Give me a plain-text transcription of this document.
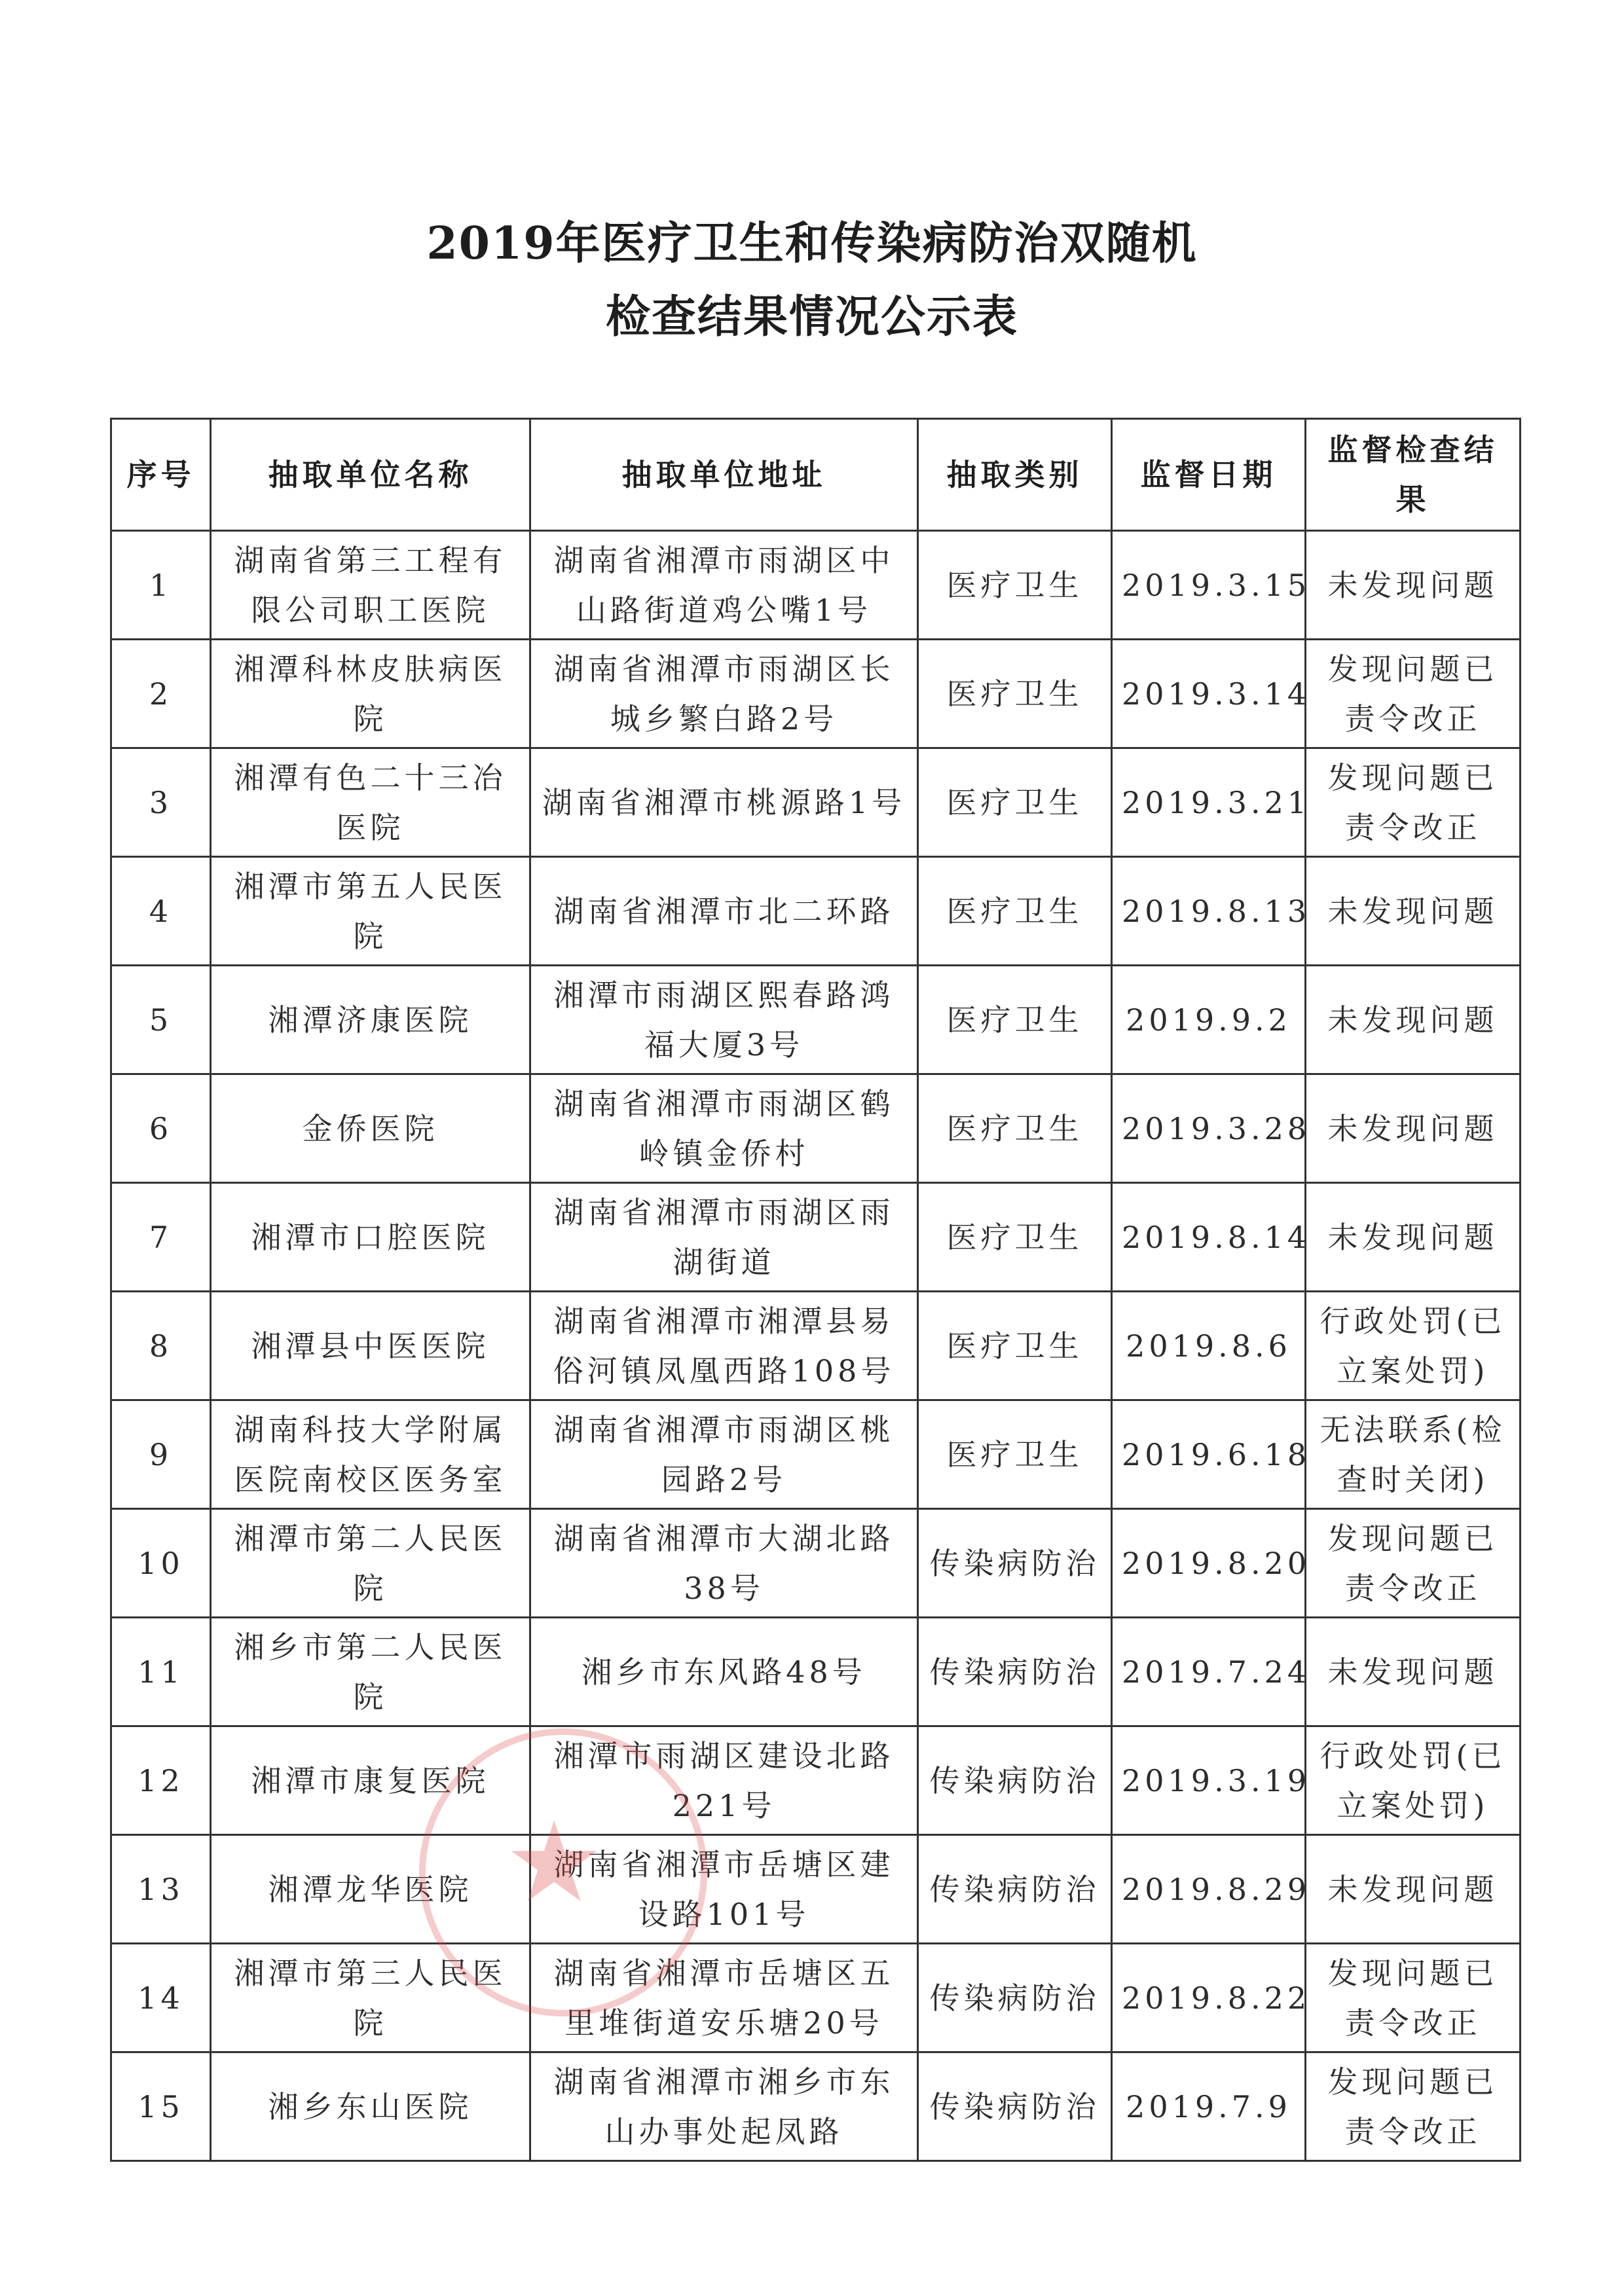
2019年医疗卫生和传染病防治双随机
检查结果情况公示表
序号	抽取单位名称	抽取单位地址	抽取类别	监督日期	监督检查结果
1	湖南省第三工程有限公司职工医院	湖南省湘潭市雨湖区中山路街道鸡公嘴1号	医疗卫生	2019.3.15	未发现问题
2	湘潭科林皮肤病医院	湖南省湘潭市雨湖区长城乡繁白路2号	医疗卫生	2019.3.14	发现问题已责令改正
3	湘潭有色二十三冶医院	湖南省湘潭市桃源路1号	医疗卫生	2019.3.21	发现问题已责令改正
4	湘潭市第五人民医院	湖南省湘潭市北二环路	医疗卫生	2019.8.13	未发现问题
5	湘潭济康医院	湘潭市雨湖区熙春路鸿福大厦3号	医疗卫生	2019.9.2	未发现问题
6	金侨医院	湖南省湘潭市雨湖区鹤岭镇金侨村	医疗卫生	2019.3.28	未发现问题
7	湘潭市口腔医院	湖南省湘潭市雨湖区雨湖街道	医疗卫生	2019.8.14	未发现问题
8	湘潭县中医医院	湖南省湘潭市湘潭县易俗河镇凤凰西路108号	医疗卫生	2019.8.6	行政处罚(已立案处罚)
9	湖南科技大学附属医院南校区医务室	湖南省湘潭市雨湖区桃园路2号	医疗卫生	2019.6.18	无法联系(检查时关闭)
10	湘潭市第二人民医院	湖南省湘潭市大湖北路38号	传染病防治	2019.8.20	发现问题已责令改正
11	湘乡市第二人民医院	湘乡市东风路48号	传染病防治	2019.7.24	未发现问题
12	湘潭市康复医院	湘潭市雨湖区建设北路221号	传染病防治	2019.3.19	行政处罚(已立案处罚)
13	湘潭龙华医院	湖南省湘潭市岳塘区建设路101号	传染病防治	2019.8.29	未发现问题
14	湘潭市第三人民医院	湖南省湘潭市岳塘区五里堆街道安乐塘20号	传染病防治	2019.8.22	发现问题已责令改正
15	湘乡东山医院	湖南省湘潭市湘乡市东山办事处起凤路	传染病防治	2019.7.9	发现问题已责令改正
★
